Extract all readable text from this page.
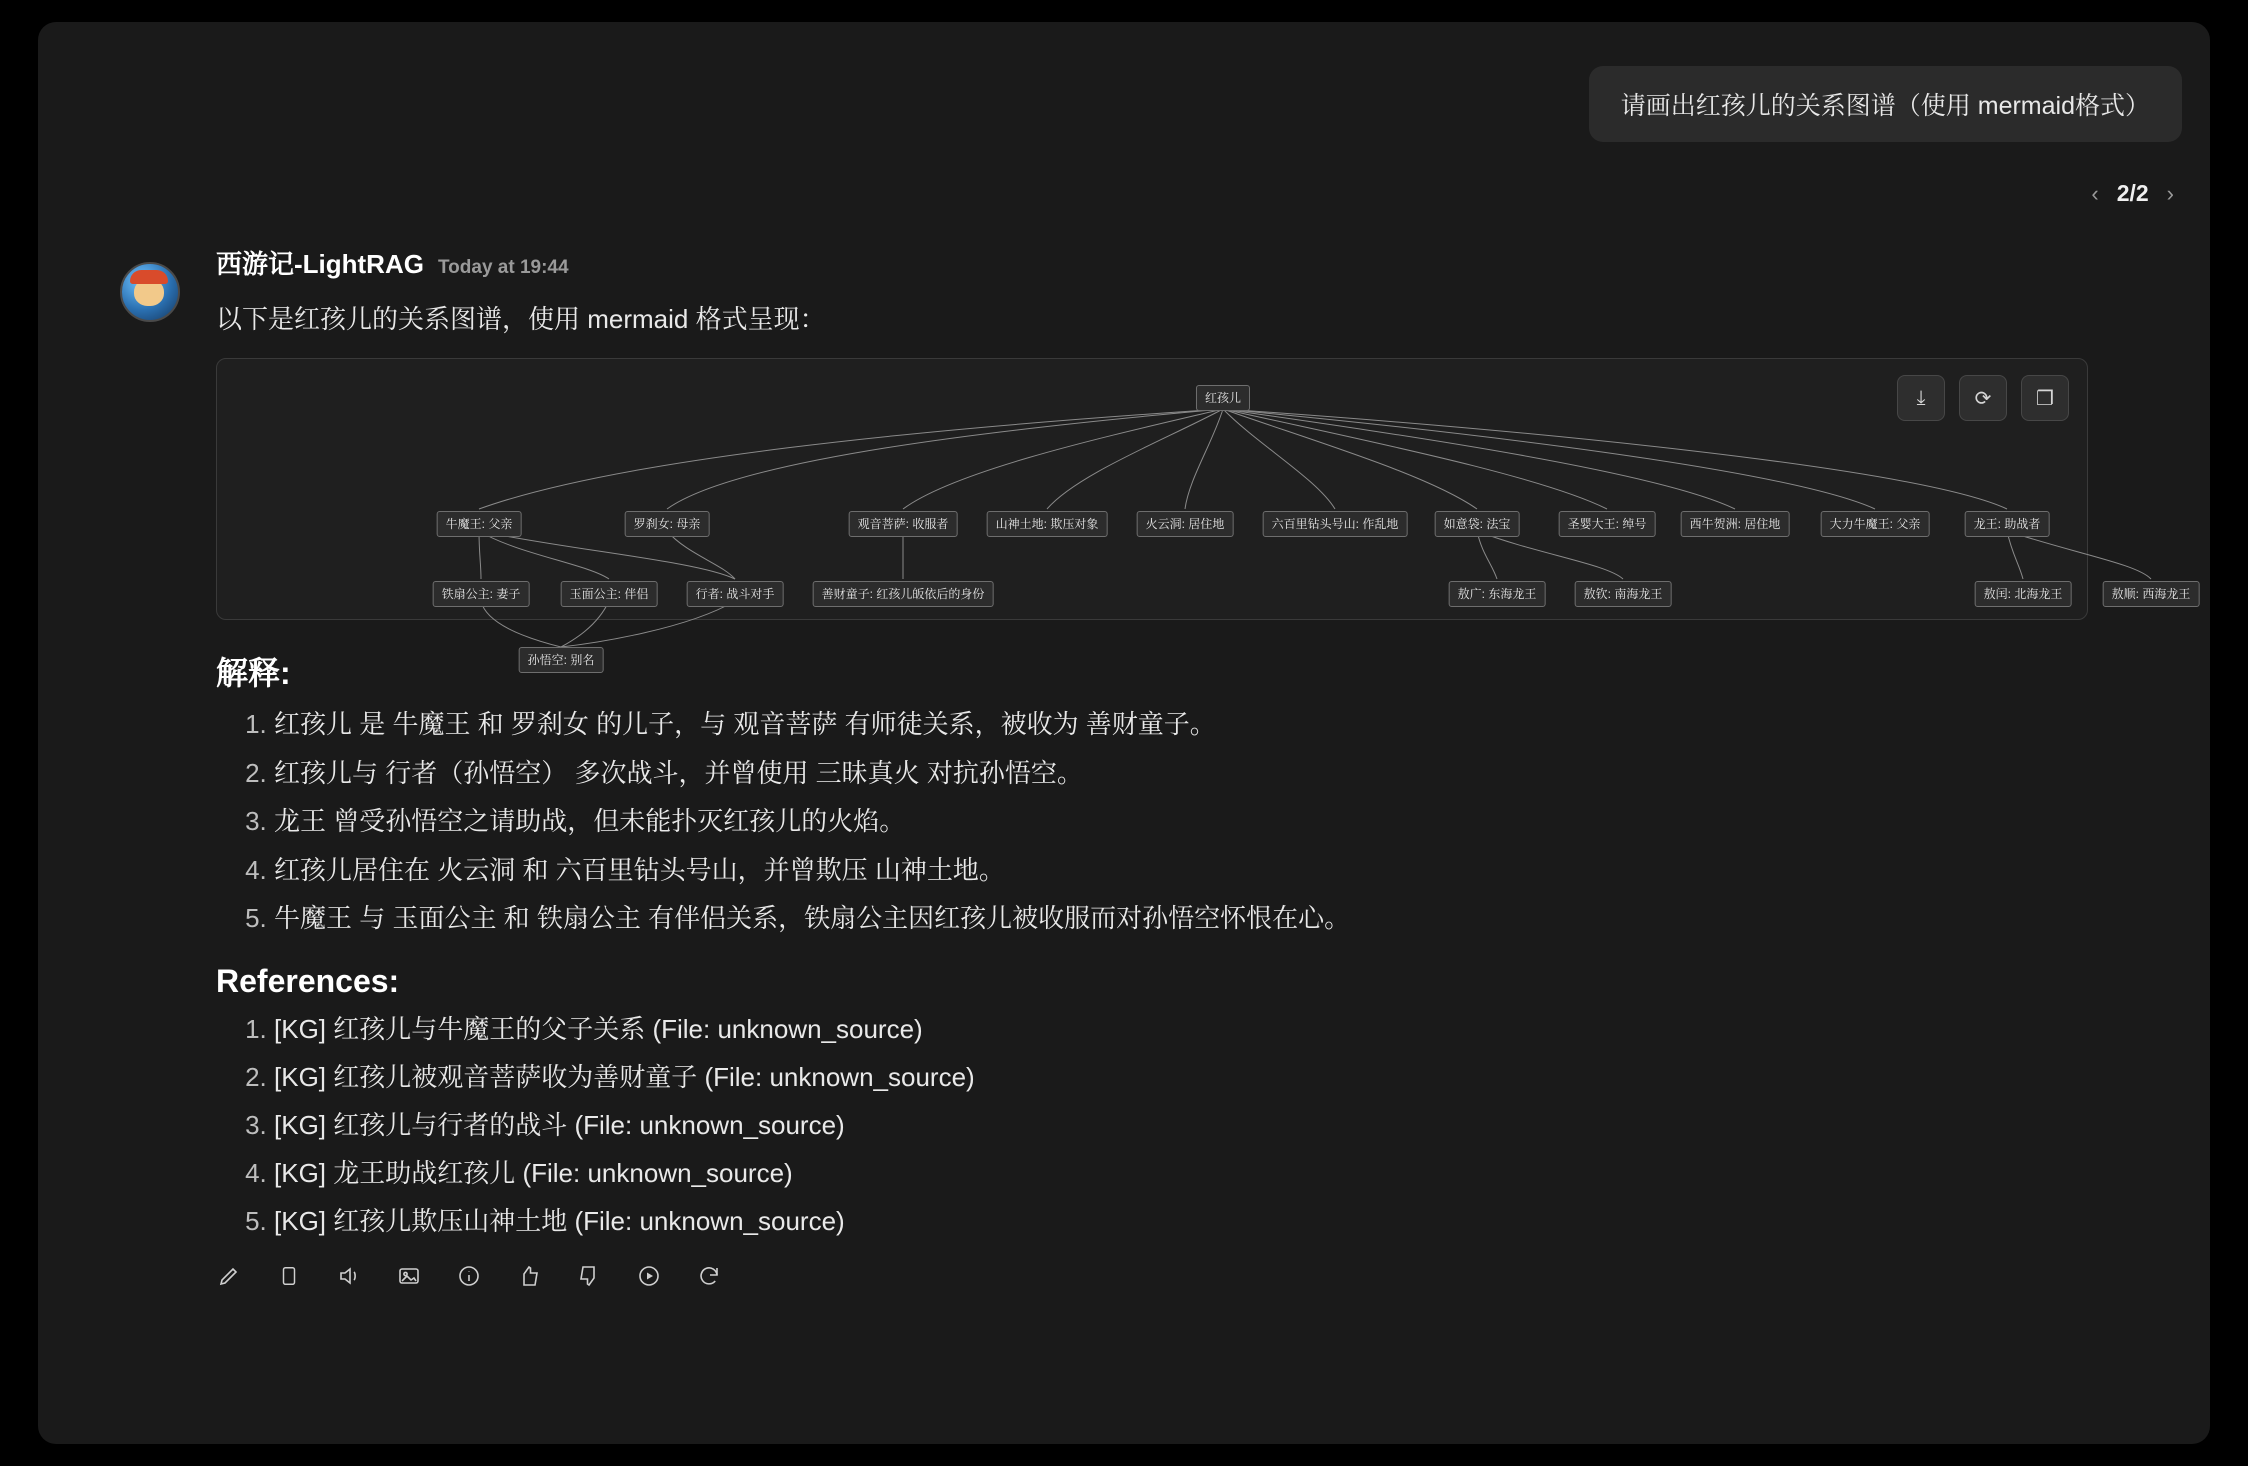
请画出红孩儿的关系图谱（使用 mermaid格式）
‹ 2/2 ›
西游记-LightRAG Today at 19:44
以下是红孩儿的关系图谱，使用 mermaid 格式呈现：
⤓	⟳	❐
红孩儿
牛魔王: 父亲	罗刹女: 母亲	观音菩萨: 收服者	山神土地: 欺压对象	火云洞: 居住地	六百里钻头号山: 作乱地	如意袋: 法宝	圣婴大王: 绰号	西牛贺洲: 居住地	大力牛魔王: 父亲	龙王: 助战者
铁扇公主: 妻子	玉面公主: 伴侣	行者: 战斗对手	善财童子: 红孩儿皈依后的身份	敖广: 东海龙王	敖钦: 南海龙王	敖闰: 北海龙王	敖顺: 西海龙王
孙悟空: 别名
解释:
1. 红孩儿 是 牛魔王 和 罗刹女 的儿子，与 观音菩萨 有师徒关系，被收为 善财童子。
2. 红孩儿与 行者（孙悟空） 多次战斗，并曾使用 三昧真火 对抗孙悟空。
3. 龙王 曾受孙悟空之请助战，但未能扑灭红孩儿的火焰。
4. 红孩儿居住在 火云洞 和 六百里钻头号山，并曾欺压 山神土地。
5. 牛魔王 与 玉面公主 和 铁扇公主 有伴侣关系，铁扇公主因红孩儿被收服而对孙悟空怀恨在心。
References:
1. [KG] 红孩儿与牛魔王的父子关系 (File: unknown_source)
2. [KG] 红孩儿被观音菩萨收为善财童子 (File: unknown_source)
3. [KG] 红孩儿与行者的战斗 (File: unknown_source)
4. [KG] 龙王助战红孩儿 (File: unknown_source)
5. [KG] 红孩儿欺压山神土地 (File: unknown_source)
